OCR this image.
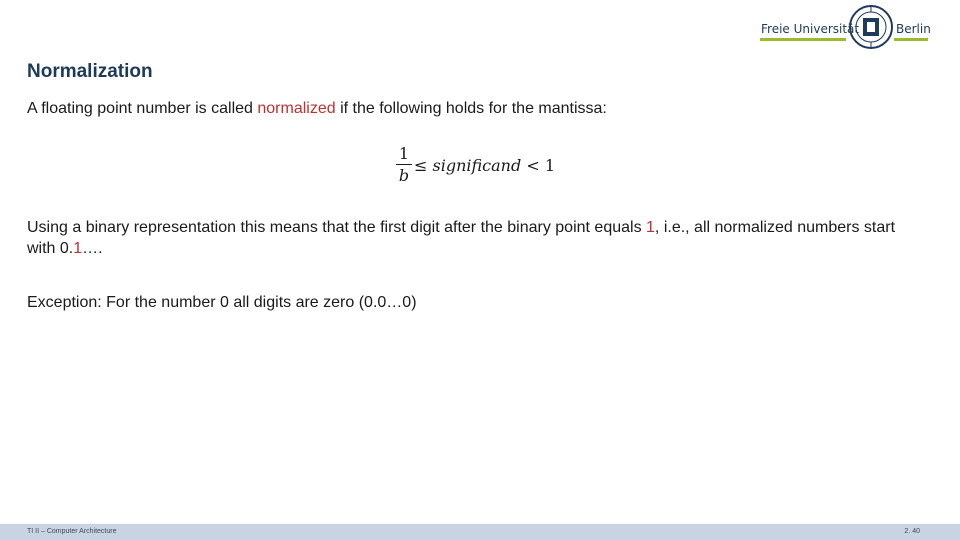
Freie Universität	Berlin
Normalization
A floating point number is called normalized if the following holds for the mantissa:
1
b
≤ significand < 1
Using a binary representation this means that the first digit after the binary point equals 1, i.e., all normalized numbers start with 0.1….
Exception: For the number 0 all digits are zero (0.0…0)
TI II – Computer Architecture	2. 40
